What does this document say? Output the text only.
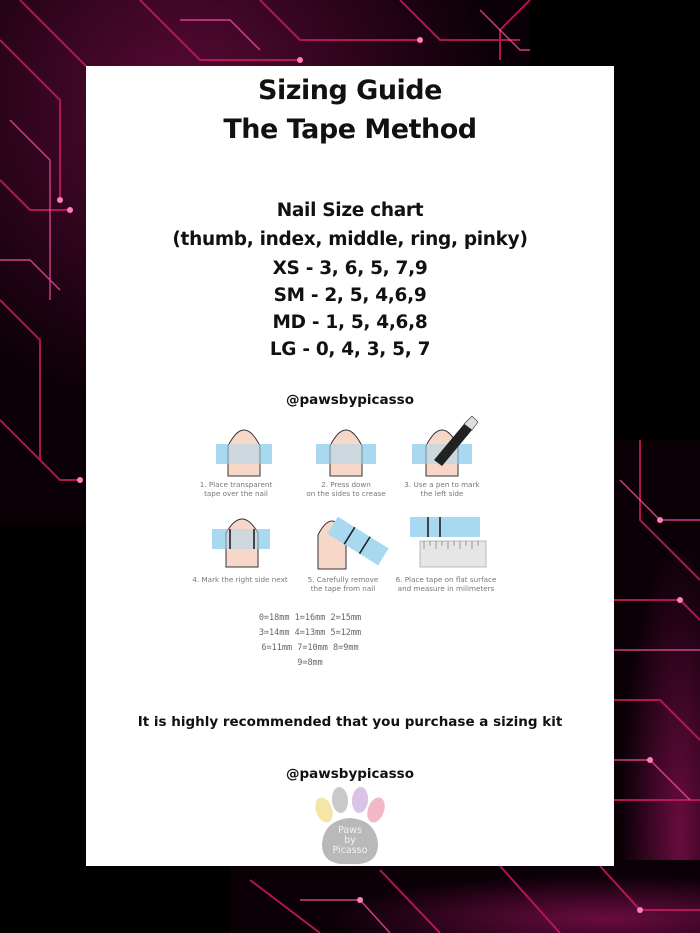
Sizing Guide
The Tape Method
Nail Size chart
(thumb, index, middle, ring, pinky)
XS - 3, 6, 5, 7,9
SM - 2, 5, 4,6,9
MD - 1, 5, 4,6,8
LG - 0, 4, 3, 5, 7
@pawsbypicasso
1. Place transparent
tape over the nail
2. Press down
on the sides to crease
3. Use a pen to mark
the left side
4. Mark the right side next	5. Carefully remove
the tape from nail
6. Place tape on flat surface
and measure in milimeters
0=18mm 1=16mm 2=15mm
3=14mm 4=13mm 5=12mm
6=11mm 7=10mm 8=9mm
9=8mm
It is highly recommended that you purchase a sizing kit
@pawsbypicasso
Paws
by
Picasso
